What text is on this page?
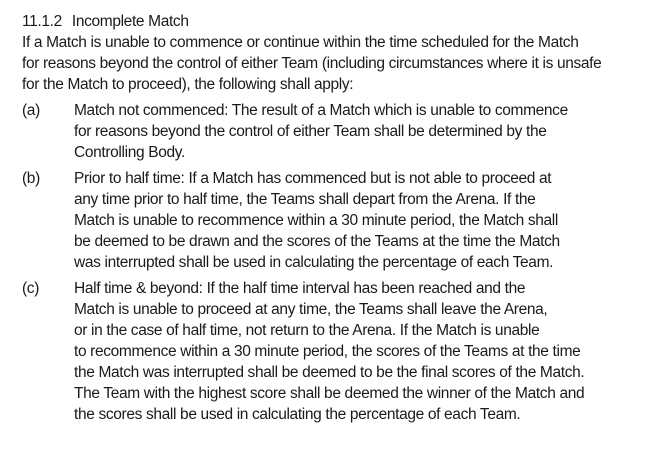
11.1.2 Incomplete Match

If a Match is unable to commence or continue within the time scheduled for the Match
for reasons beyond the control of either Team (including circumstances where it is unsafe
for the Match to proceed), the following shall apply:

(a)	Match not commenced: The result of a Match which is unable to commence
for reasons beyond the control of either Team shall be determined by the
Controlling Body.
(b)	Prior to half time: If a Match has commenced but is not able to proceed at
any time prior to half time, the Teams shall depart from the Arena. If the
Match is unable to recommence within a 30 minute period, the Match shall
be deemed to be drawn and the scores of the Teams at the time the Match
was interrupted shall be used in calculating the percentage of each Team.
(c)	Half time & beyond: If the half time interval has been reached and the
Match is unable to proceed at any time, the Teams shall leave the Arena,
or in the case of half time, not return to the Arena. If the Match is unable
to recommence within a 30 minute period, the scores of the Teams at the time
the Match was interrupted shall be deemed to be the final scores of the Match.
The Team with the highest score shall be deemed the winner of the Match and
the scores shall be used in calculating the percentage of each Team.
